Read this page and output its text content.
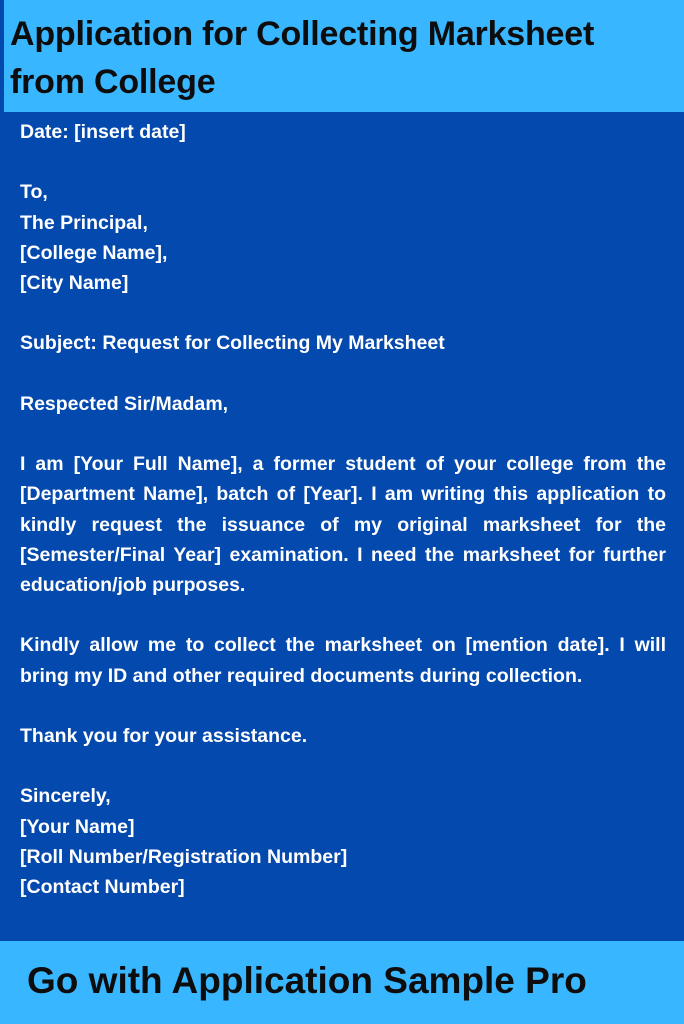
Application for Collecting Marksheet from College
Date: [insert date]
To,
The Principal,
[College Name],
[City Name]
Subject: Request for Collecting My Marksheet
Respected Sir/Madam,
I am [Your Full Name], a former student of your college from the [Department Name], batch of [Year]. I am writing this application to kindly request the issuance of my original marksheet for the [Semester/Final Year] examination. I need the marksheet for further education/job purposes.
Kindly allow me to collect the marksheet on [mention date]. I will bring my ID and other required documents during collection.
Thank you for your assistance.
Sincerely,
[Your Name]
[Roll Number/Registration Number]
[Contact Number]

Go with Application Sample Pro
